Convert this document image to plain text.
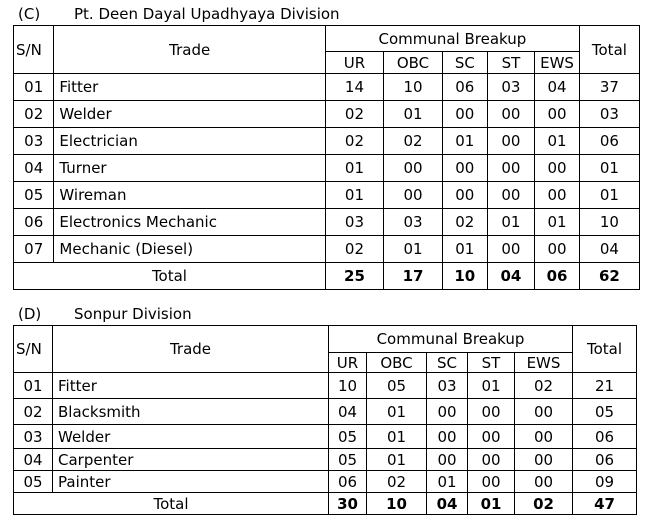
(C) Pt. Deen Dayal Upadhyaya Division
S/N	Trade	Communal Breakup					Total
		UR	OBC	SC	ST	EWS	
01	Fitter	14	10	06	03	04	37
02	Welder	02	01	00	00	00	03
03	Electrician	02	02	01	00	01	06
04	Turner	01	00	00	00	00	01
05	Wireman	01	00	00	00	00	01
06	Electronics Mechanic	03	03	02	01	01	10
07	Mechanic (Diesel)	02	01	01	00	00	04
Total		25	17	10	04	06	62
(D) Sonpur Division
S/N	Trade	Communal Breakup					Total
		UR	OBC	SC	ST	EWS	
01	Fitter	10	05	03	01	02	21
02	Blacksmith	04	01	00	00	00	05
03	Welder	05	01	00	00	00	06
04	Carpenter	05	01	00	00	00	06
05	Painter	06	02	01	00	00	09
Total		30	10	04	01	02	47
